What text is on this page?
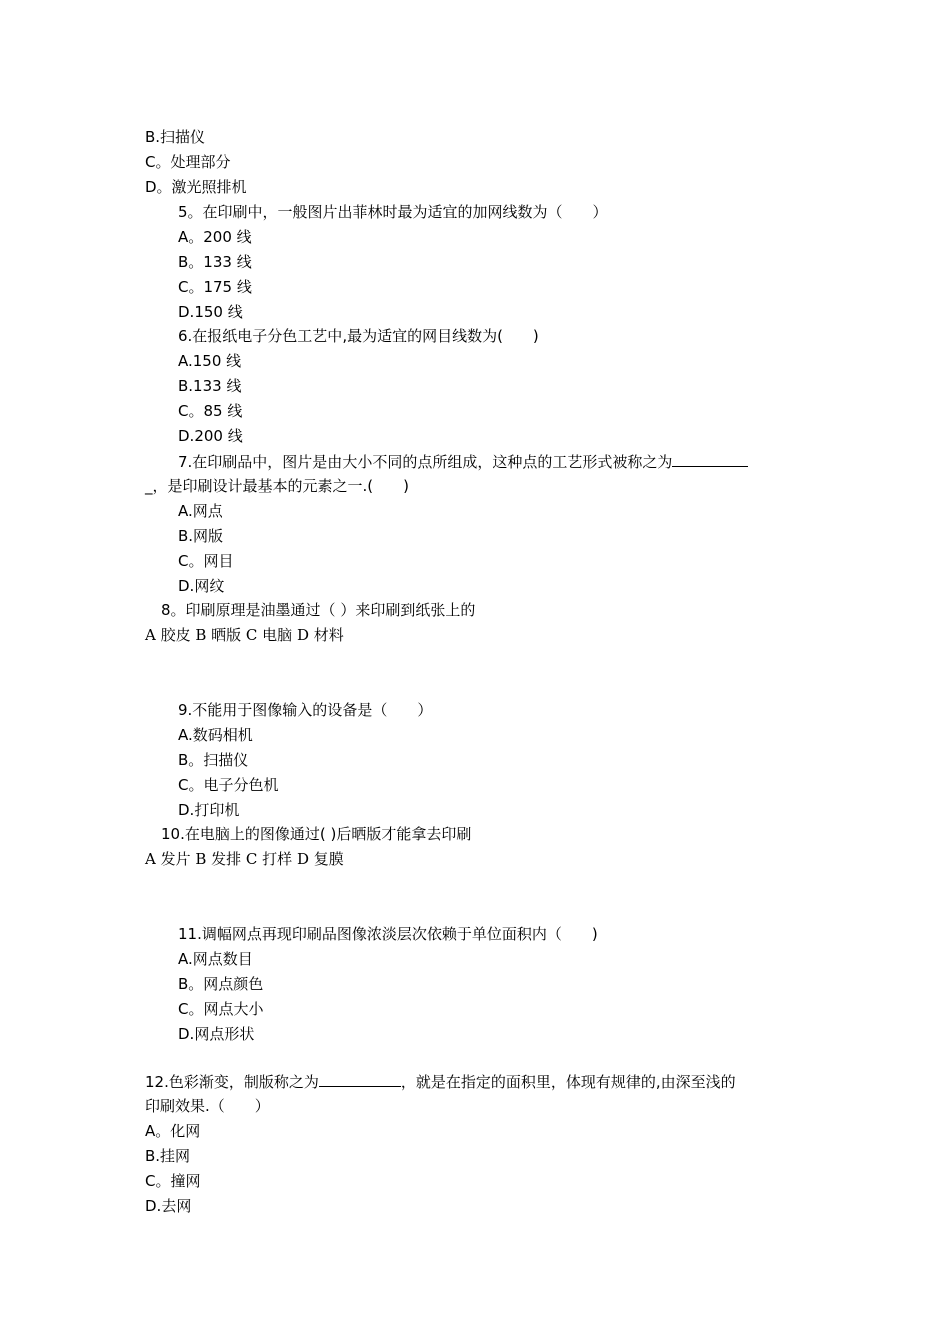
B.扫描仪
C。处理部分
D。激光照排机
5。在印刷中，一般图片出菲林时最为适宜的加网线数为（　　）
A。200 线
B。133 线
C。175 线
D.150 线
6.在报纸电子分色工艺中,最为适宜的网目线数为(　　)
A.150 线
B.133 线
C。85 线
D.200 线
7.在印刷品中，图片是由大小不同的点所组成，这种点的工艺形式被称之为
_，是印刷设计最基本的元素之一.(　　)
A.网点
B.网版
C。网目
D.网纹
8。印刷原理是油墨通过（ ）来印刷到纸张上的
A 胶皮 B 晒版 C 电脑 D 材料
9.不能用于图像输入的设备是（　　）
A.数码相机
B。扫描仪
C。电子分色机
D.打印机
10.在电脑上的图像通过( )后晒版才能拿去印刷
A 发片 B 发排 C 打样 D 复膜
11.调幅网点再现印刷品图像浓淡层次依赖于单位面积内（　　)
A.网点数目
B。网点颜色
C。网点大小
D.网点形状
12.色彩渐变，制版称之为	，就是在指定的面积里，体现有规律的,由深至浅的
印刷效果.（　　）
A。化网
B.挂网
C。撞网
D.去网
